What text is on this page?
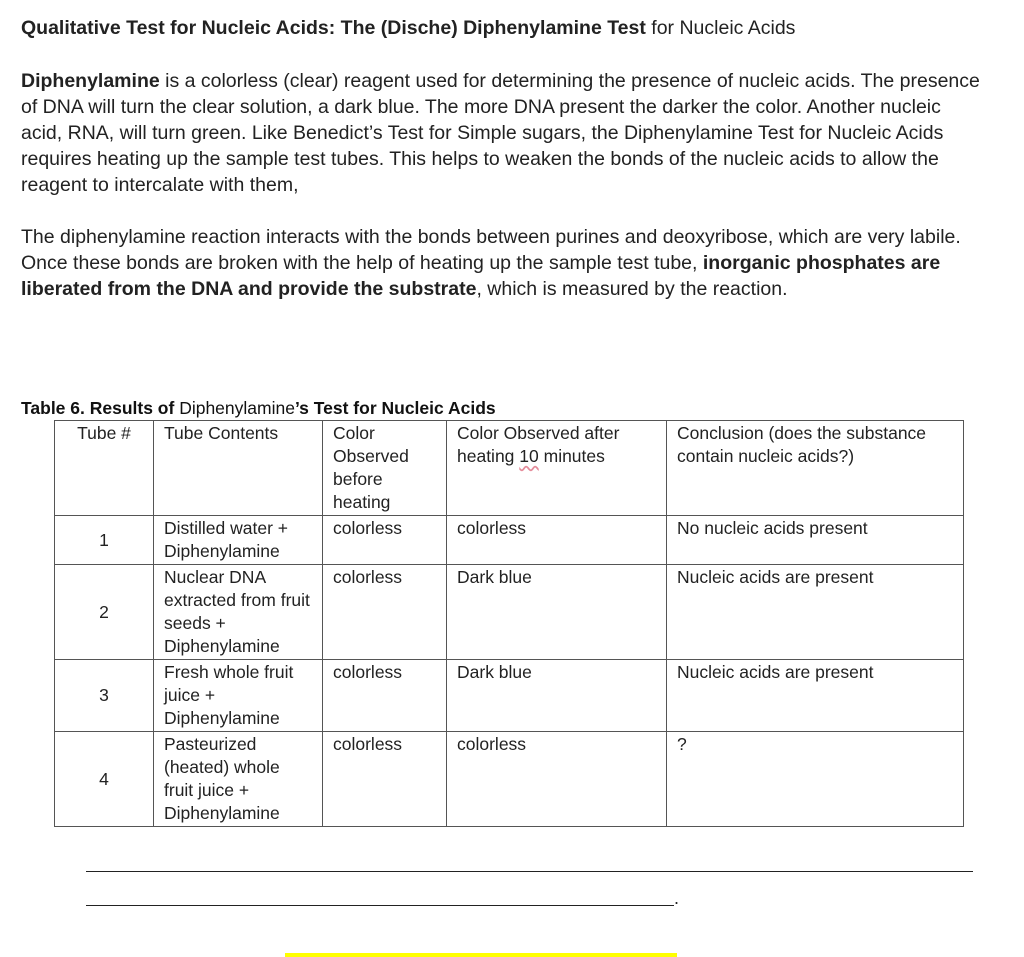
Qualitative Test for Nucleic Acids: The (Dische) Diphenylamine Test for Nucleic Acids

Diphenylamine is a colorless (clear) reagent used for determining the presence of nucleic acids. The presence of DNA will turn the clear solution, a dark blue. The more DNA present the darker the color. Another nucleic acid, RNA, will turn green. Like Benedict’s Test for Simple sugars, the Diphenylamine Test for Nucleic Acids requires heating up the sample test tubes. This helps to weaken the bonds of the nucleic acids to allow the reagent to intercalate with them,

The diphenylamine reaction interacts with the bonds between purines and deoxyribose, which are very labile. Once these bonds are broken with the help of heating up the sample test tube, inorganic phosphates are liberated from the DNA and provide the substrate, which is measured by the reaction.

Table 6. Results of Diphenylamine’s Test for Nucleic Acids
Tube #	Tube Contents	Color Observed before heating	Color Observed after heating 10 minutes	Conclusion (does the substance contain nucleic acids?)
1	Distilled water + Diphenylamine	colorless	colorless	No nucleic acids present
2	Nuclear DNA extracted from fruit seeds + Diphenylamine	colorless	Dark blue	Nucleic acids are present
3	Fresh whole fruit juice + Diphenylamine	colorless	Dark blue	Nucleic acids are present
4	Pasteurized (heated) whole fruit juice + Diphenylamine	colorless	colorless	?
.
